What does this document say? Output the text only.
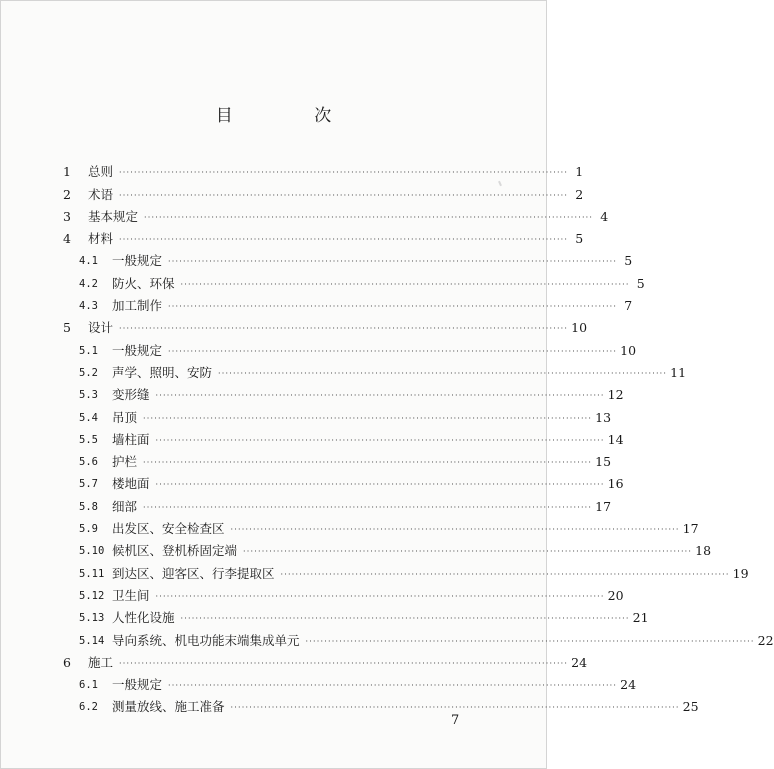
目 次
1	总则 ························································································································ 1
2	术语 ························································································································ 2
3	基本规定 ························································································································ 4
4	材料 ························································································································ 5
4.1	一般规定 ························································································································ 5
4.2	防火、环保 ························································································································ 5
4.3	加工制作 ························································································································ 7
5	设计 ························································································································ 10
5.1	一般规定 ························································································································ 10
5.2	声学、照明、安防 ························································································································ 11
5.3	变形缝 ························································································································ 12
5.4	吊顶 ························································································································ 13
5.5	墙柱面 ························································································································ 14
5.6	护栏 ························································································································ 15
5.7	楼地面 ························································································································ 16
5.8	细部 ························································································································ 17
5.9	出发区、安全检查区 ························································································································ 17
5.10 候机区、登机桥固定端 ························································································································ 18
5.11 到达区、迎客区、行李提取区 ························································································································ 19
5.12 卫生间 ························································································································ 20
5.13 人性化设施 ························································································································ 21
5.14 导向系统、机电功能末端集成单元 ························································································································ 22
6	施工 ························································································································ 24
6.1	一般规定 ························································································································ 24
6.2	测量放线、施工准备 ························································································································ 25
7
